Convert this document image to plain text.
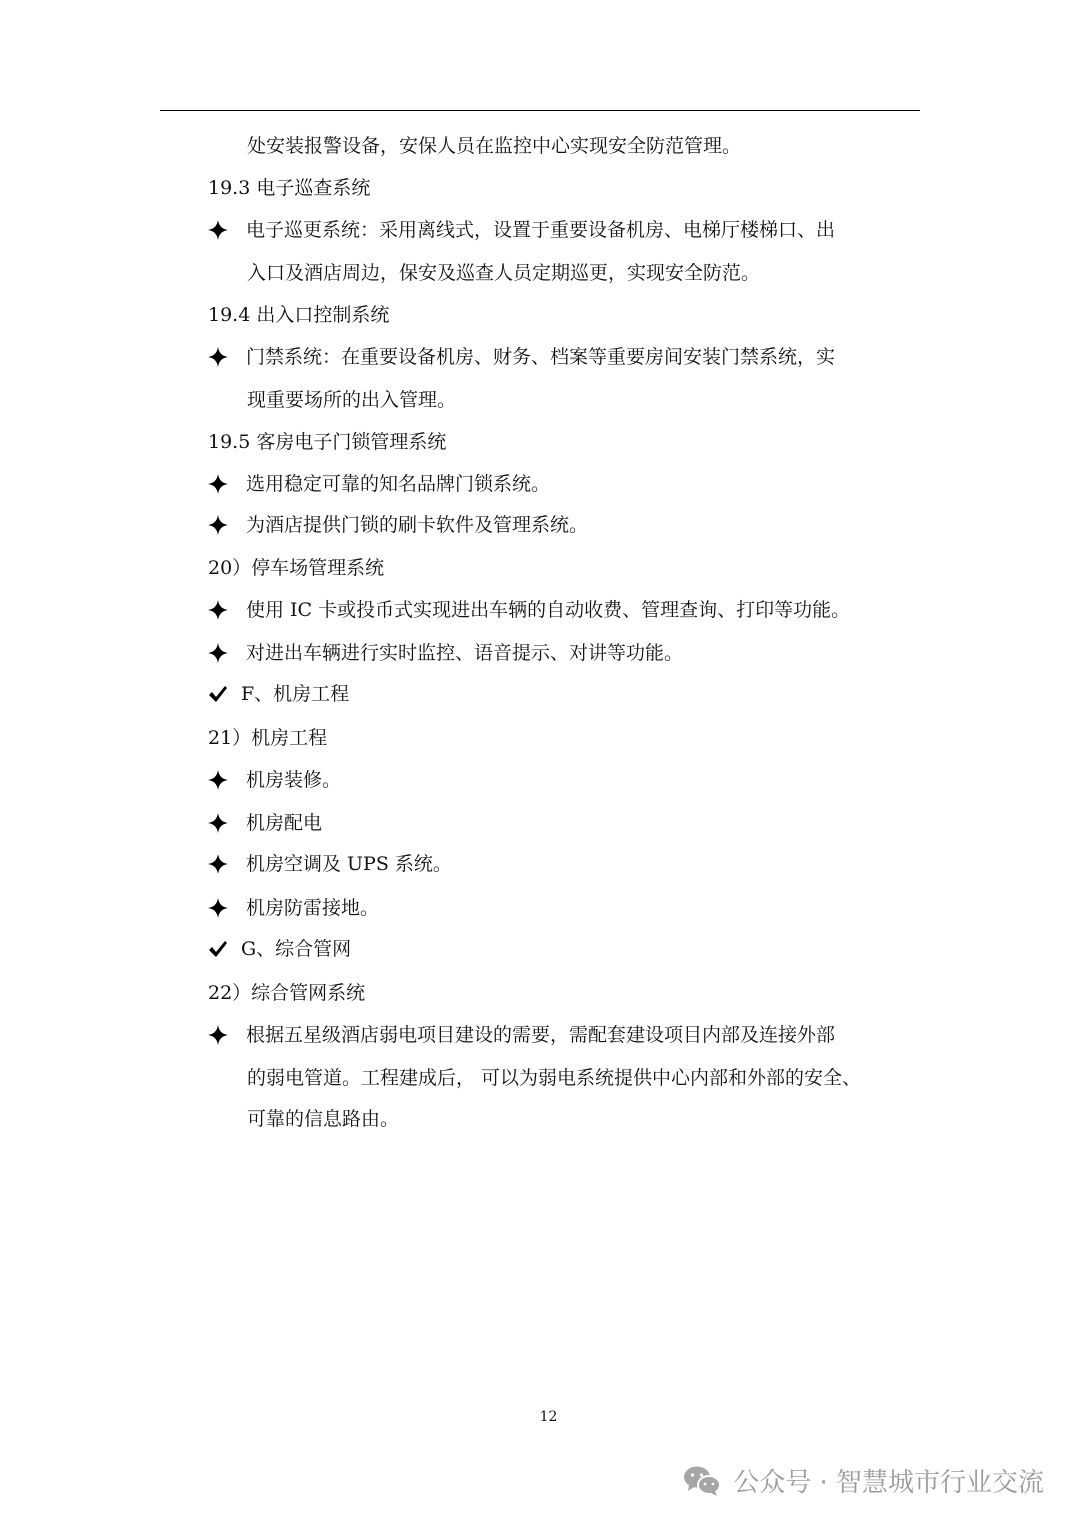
处安装报警设备，安保人员在监控中心实现安全防范管理。
19.3 电子巡查系统
电子巡更系统：采用离线式，设置于重要设备机房、电梯厅楼梯口、出
入口及酒店周边，保安及巡查人员定期巡更，实现安全防范。
19.4 出入口控制系统
门禁系统：在重要设备机房、财务、档案等重要房间安装门禁系统，实
现重要场所的出入管理。
19.5 客房电子门锁管理系统
选用稳定可靠的知名品牌门锁系统。
为酒店提供门锁的刷卡软件及管理系统。
20）停车场管理系统
使用 IC 卡或投币式实现进出车辆的自动收费、管理查询、打印等功能。
对进出车辆进行实时监控、语音提示、对讲等功能。
F、机房工程
21）机房工程
机房装修。
机房配电
机房空调及 UPS 系统。
机房防雷接地。
G、综合管网
22）综合管网系统
根据五星级酒店弱电项目建设的需要，需配套建设项目内部及连接外部
的弱电管道。工程建成后， 可以为弱电系统提供中心内部和外部的安全、
可靠的信息路由。
12
公众号 · 智慧城市行业交流
